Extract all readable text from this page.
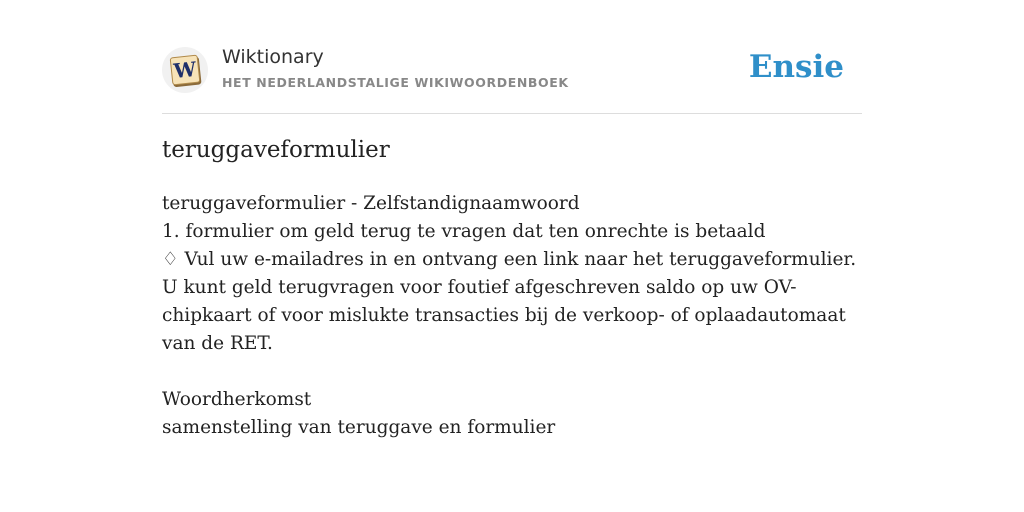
W Wiktionary
HET NEDERLANDSTALIGE WIKIWOORDENBOEK	Ensie
teruggaveformulier

teruggaveformulier - Zelfstandignaamwoord

1. formulier om geld terug te vragen dat ten onrechte is betaald

♢ Vul uw e-mailadres in en ontvang een link naar het teruggaveformulier. U kunt geld terugvragen voor foutief afgeschreven saldo op uw OV-chipkaart of voor mislukte transacties bij de verkoop- of oplaadautomaat van de RET.

Woordherkomst

samenstelling van teruggave en formulier
